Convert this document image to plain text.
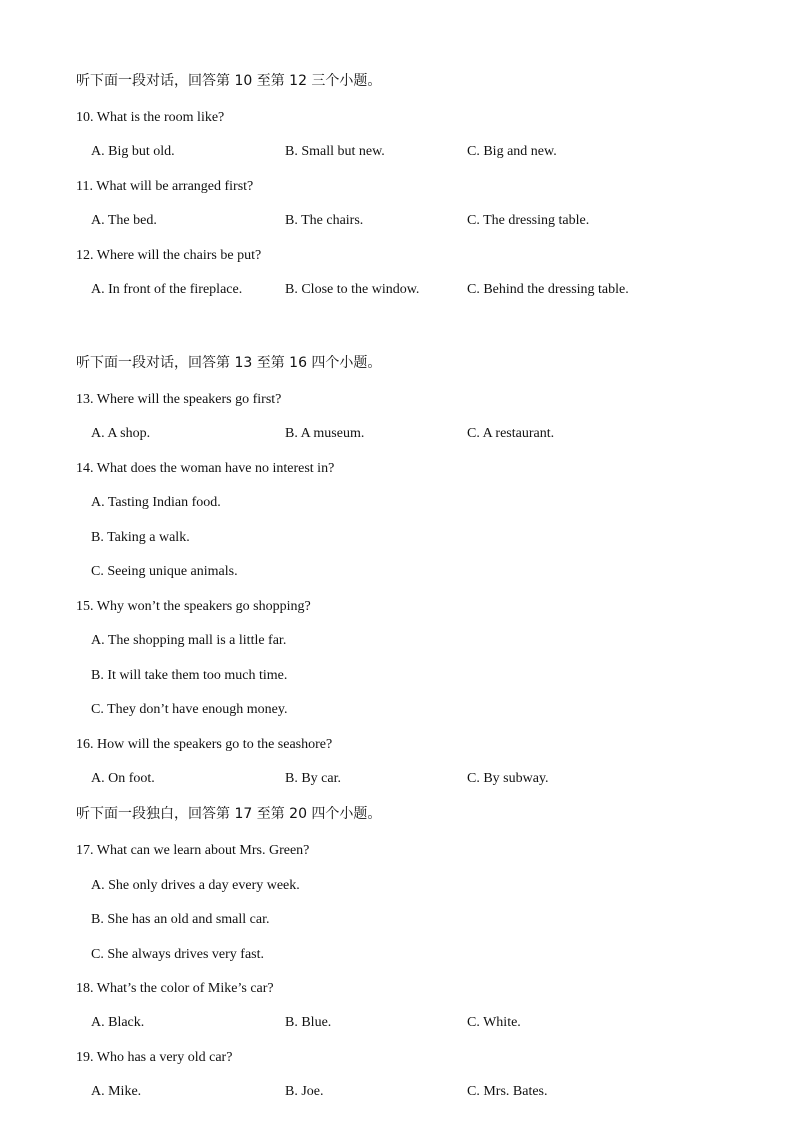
听下面一段对话，回答第 10 至第 12 三个小题。
10. What is the room like?
A. Big but old.	B. Small but new.	C. Big and new.
11. What will be arranged first?
A. The bed.	B. The chairs.	C. The dressing table.
12. Where will the chairs be put?
A. In front of the fireplace.	B. Close to the window.	C. Behind the dressing table.
听下面一段对话，回答第 13 至第 16 四个小题。
13. Where will the speakers go first?
A. A shop.	B. A museum.	C. A restaurant.
14. What does the woman have no interest in?
A. Tasting Indian food.
B. Taking a walk.
C. Seeing unique animals.
15. Why won’t the speakers go shopping?
A. The shopping mall is a little far.
B. It will take them too much time.
C. They don’t have enough money.
16. How will the speakers go to the seashore?
A. On foot.	B. By car.	C. By subway.
听下面一段独白，回答第 17 至第 20 四个小题。
17. What can we learn about Mrs. Green?
A. She only drives a day every week.
B. She has an old and small car.
C. She always drives very fast.
18. What’s the color of Mike’s car?
A. Black.	B. Blue.	C. White.
19. Who has a very old car?
A. Mike.	B. Joe.	C. Mrs. Bates.
